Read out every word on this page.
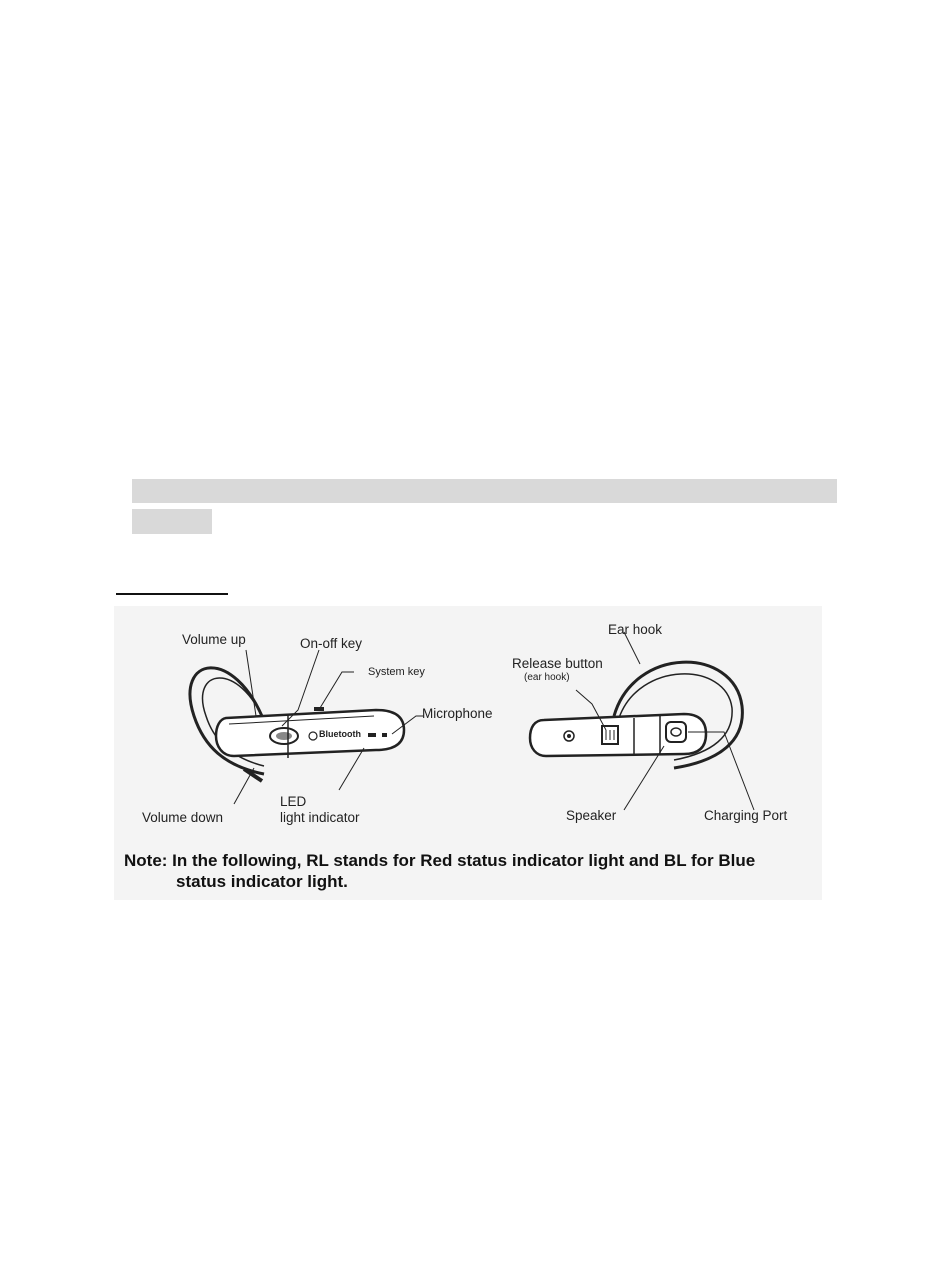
Volume up	On-off key
System key
Microphone
Volume down
LED
light indicator
Bluetooth
Ear hook
Release button
(ear hook)
Speaker	Charging Port
Note: In the following, RL stands for Red status indicator light and BL for Blue
status indicator light.
